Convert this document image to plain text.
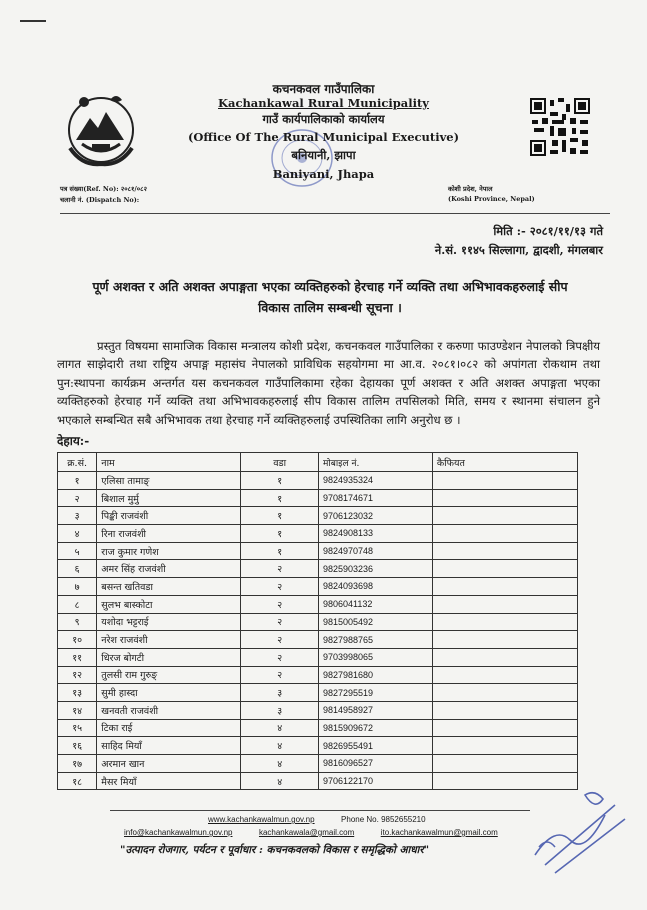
कचनकवल गाउँपालिका
Kachankawal Rural Municipality
गाउँ कार्यपालिकाको कार्यालय
(Office Of The Rural Municipal Executive)
बनियानी, झापा
Baniyani, Jhapa
पत्र संख्या(Ref. No): २०८१/०८२
चलानी नं. (Dispatch No):
कोशी प्रदेश, नेपाल
(Koshi Province, Nepal)
मिति :- २०८१/११/१३ गते
ने.सं. ११४५ सिल्लागा, द्वादशी, मंगलबार
पूर्ण अशक्त र अति अशक्त अपाङ्गता भएका व्यक्तिहरुको हेरचाह गर्ने व्यक्ति तथा अभिभावकहरुलाई सीप
विकास तालिम सम्बन्धी सूचना ।
प्रस्तुत विषयमा सामाजिक विकास मन्त्रालय कोशी प्रदेश, कचनकवल गाउँपालिका र करुणा फाउण्डेशन नेपालको त्रिपक्षीय लागत साझेदारी तथा राष्ट्रिय अपाङ्ग महासंघ नेपालको प्राविधिक सहयोगमा मा आ.व. २०८१।०८२ को अपांगता रोकथाम तथा पुन:स्थापना कार्यक्रम अन्तर्गत यस कचनकवल गाउँपालिकामा रहेका देहायका पूर्ण अशक्त र अति अशक्त अपाङ्गता भएका व्यक्तिहरुको हेरचाह गर्ने व्यक्ति तथा अभिभावकहरुलाई सीप विकास तालिम तपसिलको मिति, समय र स्थानमा संचालन हुने भएकाले सम्बन्धित सबै अभिभावक तथा हेरचाह गर्ने व्यक्तिहरुलाई उपस्थितिका लागि अनुरोध छ ।
देहाय:-
क्र.सं.	नाम	वडा	मोबाइल नं.	कैफियत
१	एलिसा तामाङ्	१	9824935324	
२	बिशाल मुर्मु	१	9708174671	
३	पिङ्की राजवंशी	१	9706123032	
४	रिना राजवंशी	१	9824908133	
५	राज कुमार गणेश	१	9824970748	
६	अमर सिंह राजवंशी	२	9825903236	
७	बसन्त खतिवडा	२	9824093698	
८	सुलभ बास्कोटा	२	9806041132	
९	यशोदा भट्टराई	२	9815005492	
१०	नरेश राजवंशी	२	9827988765	
११	धिरज बोगटी	२	9703998065	
१२	तुलसी राम गुरुङ्	२	9827981680	
१३	सुमी हास्दा	३	9827295519	
१४	खनवती राजवंशी	३	9814958927	
१५	टिका राई	४	9815909672	
१६	साहिद मियाँ	४	9826955491	
१७	अरमान खान	४	9816096527	
१८	मैसर मियाँ	४	9706122170	
www.kachankawalmun.gov.np	Phone No. 9852655210
info@kachankawalmun.gov.np	kachankawala@gmail.com	ito.kachankawalmun@gmail.com
"उत्पादन रोजगार, पर्यटन र पूर्वाधार : कचनकवलको विकास र समृद्धिको आधार"
